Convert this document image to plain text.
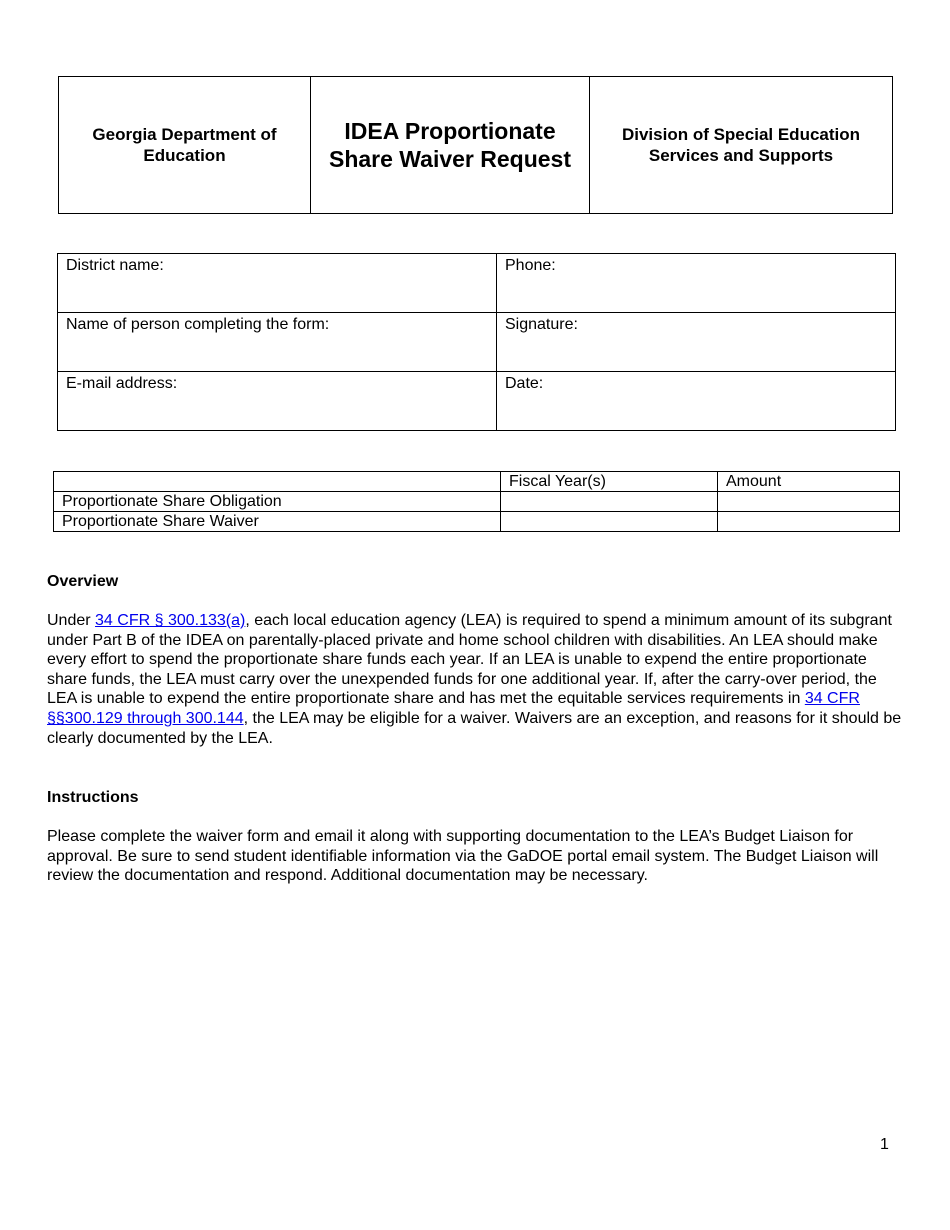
Georgia Department of Education	IDEA Proportionate Share Waiver Request	Division of Special Education Services and Supports
District name:	Phone:
Name of person completing the form:	Signature:
E-mail address:	Date:
	Fiscal Year(s)	Amount
Proportionate Share Obligation		
Proportionate Share Waiver		
Overview

Under 34 CFR § 300.133(a), each local education agency (LEA) is required to spend a minimum amount of its subgrant under Part B of the IDEA on parentally-placed private and home school children with disabilities. An LEA should make every effort to spend the proportionate share funds each year. If an LEA is unable to expend the entire proportionate share funds, the LEA must carry over the unexpended funds for one additional year. If, after the carry-over period, the LEA is unable to expend the entire proportionate share and has met the equitable services requirements in 34 CFR §§300.129 through 300.144, the LEA may be eligible for a waiver. Waivers are an exception, and reasons for it should be clearly documented by the LEA.

Instructions

Please complete the waiver form and email it along with supporting documentation to the LEA’s Budget Liaison for approval. Be sure to send student identifiable information via the GaDOE portal email system. The Budget Liaison will review the documentation and respond. Additional documentation may be necessary.

1
